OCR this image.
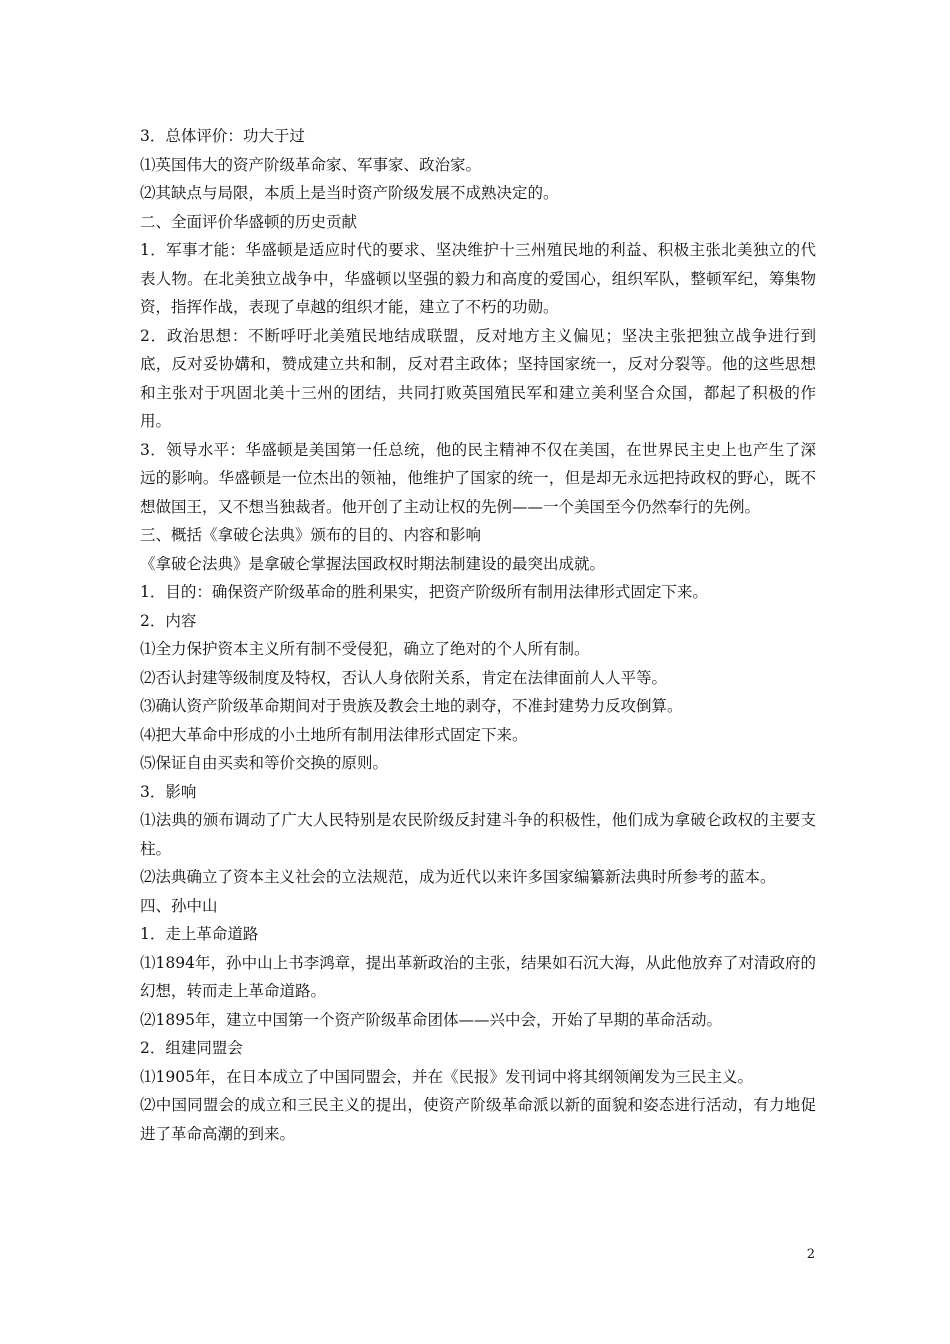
3．总体评价：功大于过

⑴英国伟大的资产阶级革命家、军事家、政治家。

⑵其缺点与局限，本质上是当时资产阶级发展不成熟决定的。

二、全面评价华盛顿的历史贡献

1．军事才能：华盛顿是适应时代的要求、坚决维护十三州殖民地的利益、积极主张北美独立的代表人物。在北美独立战争中，华盛顿以坚强的毅力和高度的爱国心，组织军队，整顿军纪，筹集物资，指挥作战，表现了卓越的组织才能，建立了不朽的功勋。

2．政治思想：不断呼吁北美殖民地结成联盟，反对地方主义偏见；坚决主张把独立战争进行到底，反对妥协媾和，赞成建立共和制，反对君主政体；坚持国家统一，反对分裂等。他的这些思想和主张对于巩固北美十三州的团结，共同打败英国殖民军和建立美利坚合众国，都起了积极的作用。

3．领导水平：华盛顿是美国第一任总统，他的民主精神不仅在美国，在世界民主史上也产生了深远的影响。华盛顿是一位杰出的领袖，他维护了国家的统一，但是却无永远把持政权的野心，既不想做国王，又不想当独裁者。他开创了主动让权的先例——一个美国至今仍然奉行的先例。

三、概括《拿破仑法典》颁布的目的、内容和影响

《拿破仑法典》是拿破仑掌握法国政权时期法制建设的最突出成就。

1．目的：确保资产阶级革命的胜利果实，把资产阶级所有制用法律形式固定下来。

2．内容

⑴全力保护资本主义所有制不受侵犯，确立了绝对的个人所有制。

⑵否认封建等级制度及特权，否认人身依附关系，肯定在法律面前人人平等。

⑶确认资产阶级革命期间对于贵族及教会土地的剥夺，不准封建势力反攻倒算。

⑷把大革命中形成的小土地所有制用法律形式固定下来。

⑸保证自由买卖和等价交换的原则。

3．影响

⑴法典的颁布调动了广大人民特别是农民阶级反封建斗争的积极性，他们成为拿破仑政权的主要支柱。

⑵法典确立了资本主义社会的立法规范，成为近代以来许多国家编纂新法典时所参考的蓝本。

四、孙中山

1．走上革命道路

⑴1894年，孙中山上书李鸿章，提出革新政治的主张，结果如石沉大海，从此他放弃了对清政府的幻想，转而走上革命道路。

⑵1895年，建立中国第一个资产阶级革命团体——兴中会，开始了早期的革命活动。

2．组建同盟会

⑴1905年，在日本成立了中国同盟会，并在《民报》发刊词中将其纲领阐发为三民主义。

⑵中国同盟会的成立和三民主义的提出，使资产阶级革命派以新的面貌和姿态进行活动，有力地促进了革命高潮的到来。

2
